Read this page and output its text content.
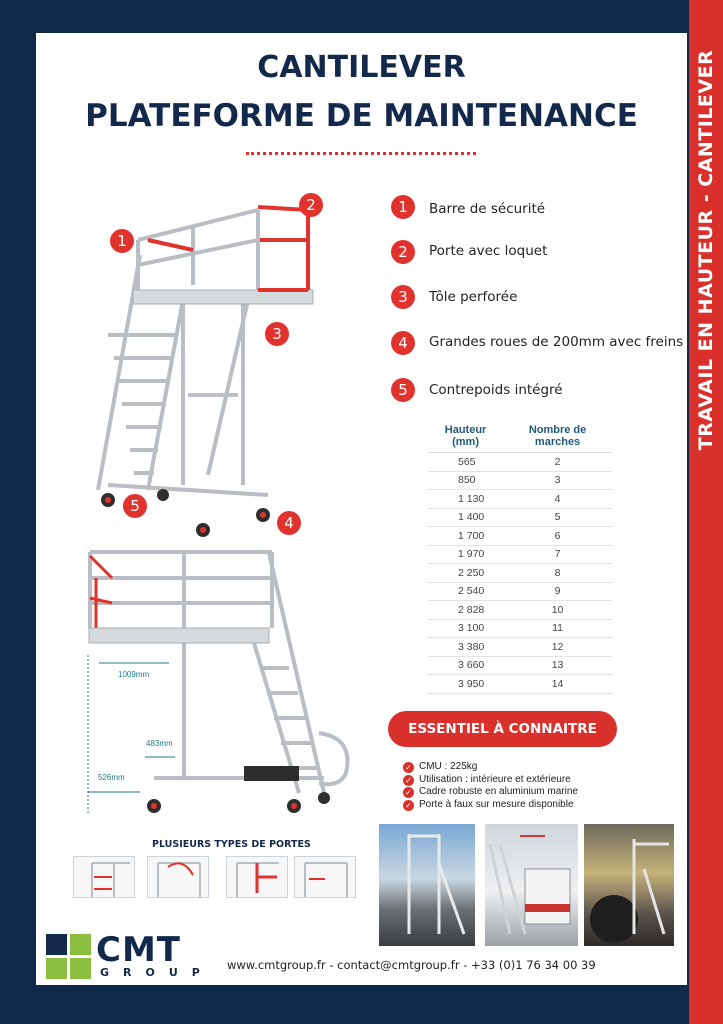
TRAVAIL EN HAUTEUR - CANTILEVER
CANTILEVER
PLATEFORME DE MAINTENANCE
1
2
3
4
5
1	Barre de sécurité
2	Porte avec loquet
3	Tôle perforée
4	Grandes roues de 200mm avec freins
5	Contrepoids intégré
Hauteur (mm)	Nombre de marches
565	2
850	3
1 130	4
1 400	5
1 700	6
1 970	7
2 250	8
2 540	9
2 828	10
3 100	11
3 380	12
3 660	13
3 950	14
1009mm
483mm
526mm
ESSENTIEL À CONNAITRE
✓ CMU : 225kg
✓ Utilisation : intérieure et extérieure
✓ Cadre robuste en aluminium marine
✓ Porte à faux sur mesure disponible
PLUSIEURS TYPES DE PORTES
CMT
GROUP
www.cmtgroup.fr - contact@cmtgroup.fr - +33 (0)1 76 34 00 39
